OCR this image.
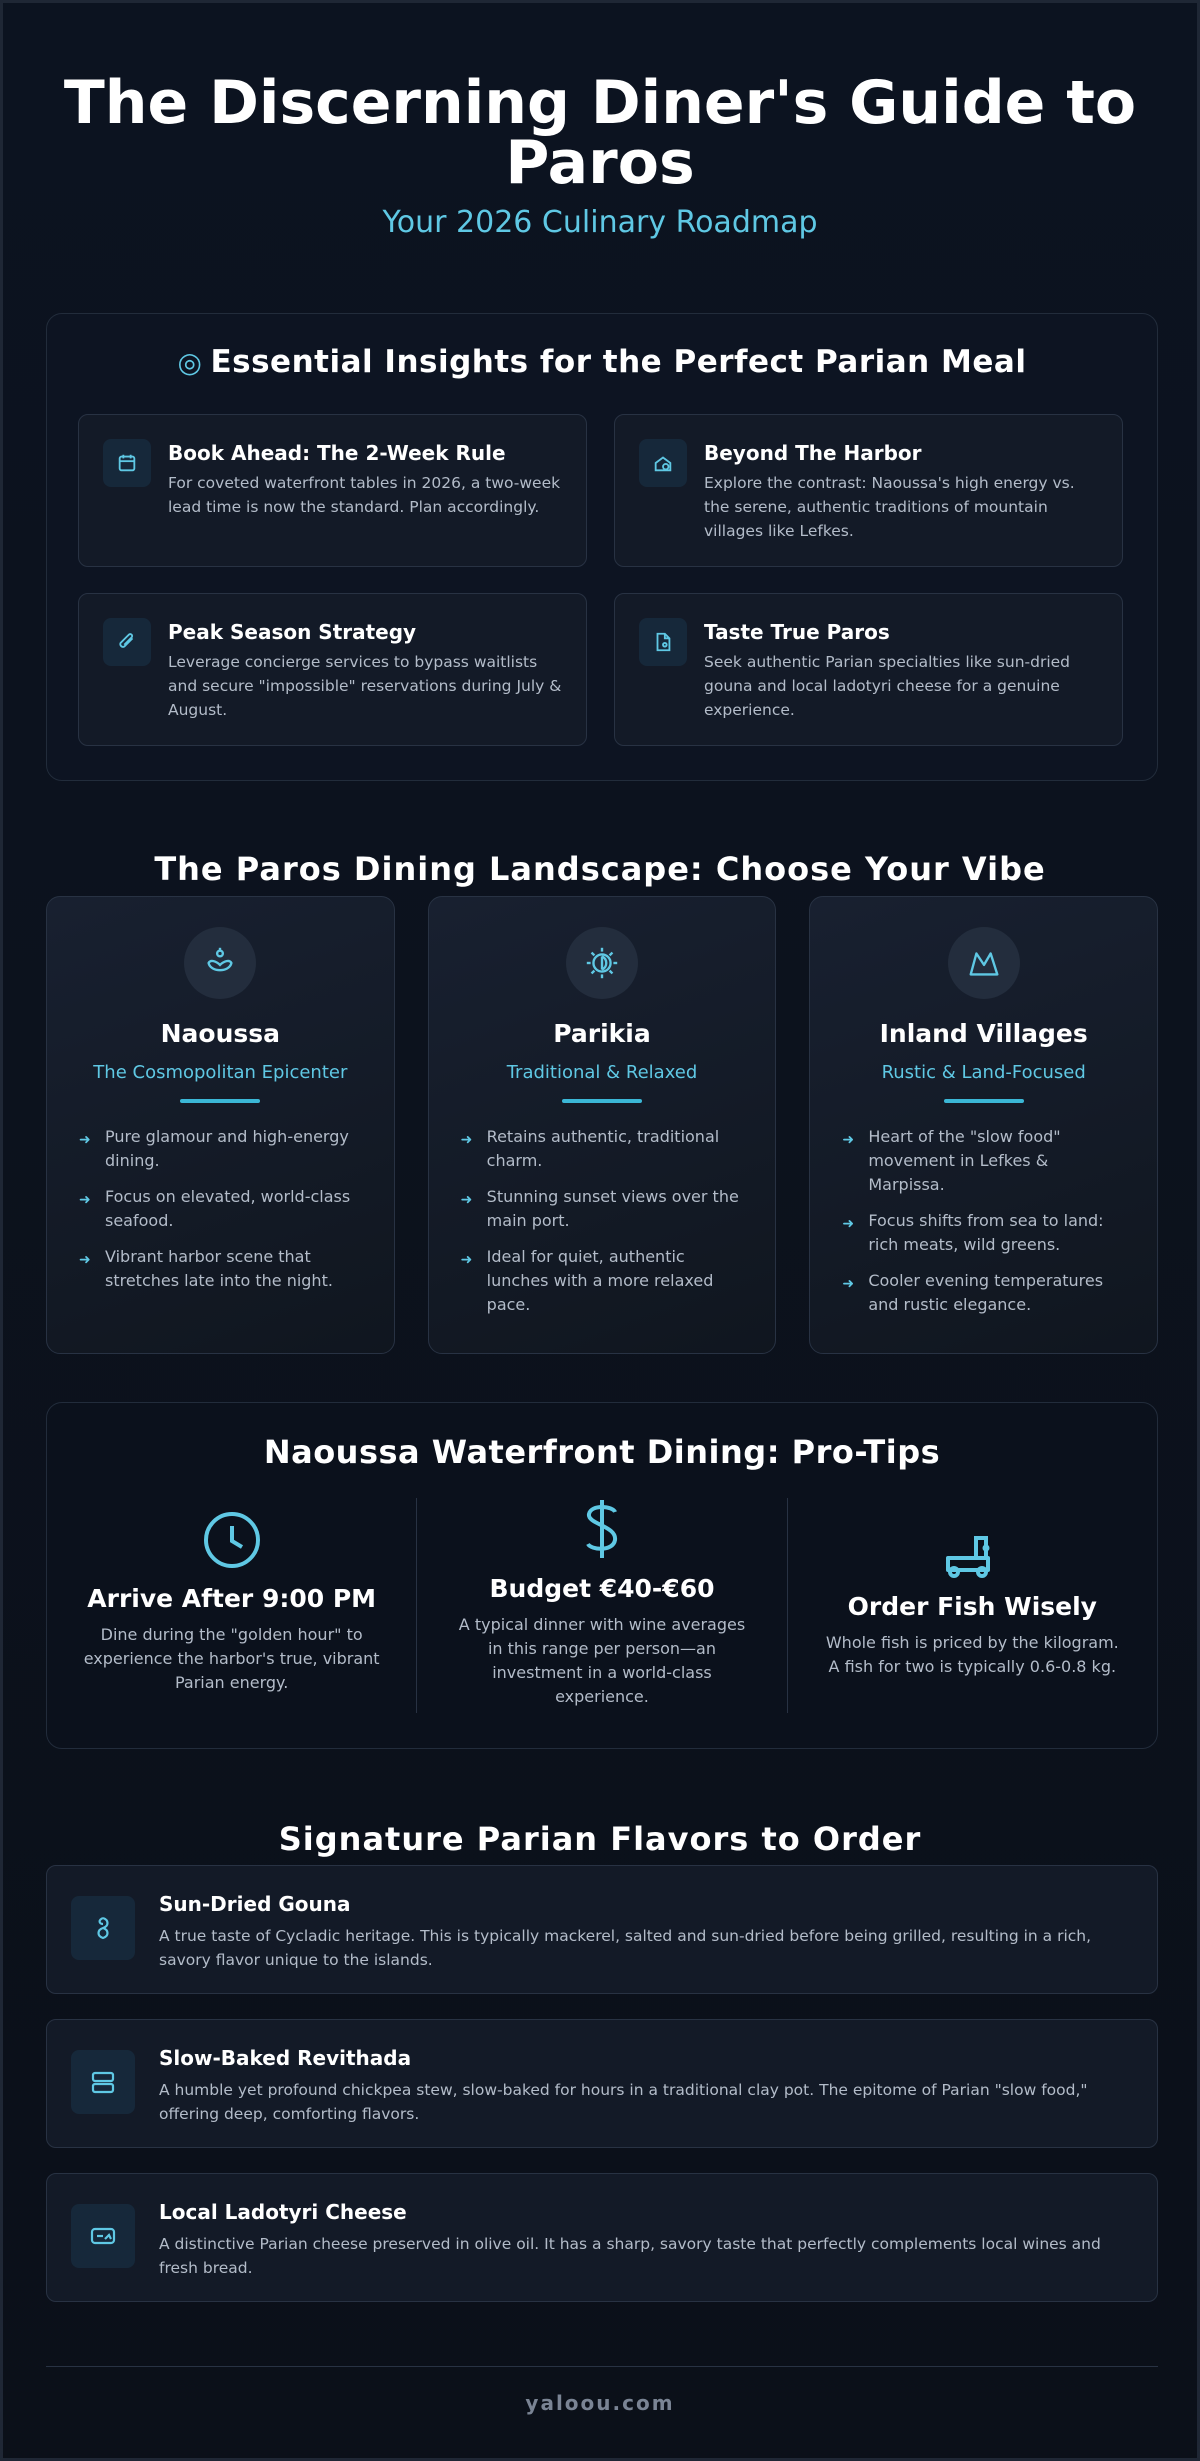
The Discerning Diner's Guide to Paros
Your 2026 Culinary Roadmap
◎ Essential Insights for the Perfect Parian Meal
Book Ahead: The 2-Week Rule

For coveted waterfront tables in 2026, a two-week lead time is now the standard. Plan accordingly.

Beyond The Harbor

Explore the contrast: Naoussa's high energy vs. the serene, authentic traditions of mountain villages like Lefkes.

Peak Season Strategy

Leverage concierge services to bypass waitlists and secure "impossible" reservations during July & August.

Taste True Paros

Seek authentic Parian specialties like sun-dried gouna and local ladotyri cheese for a genuine experience.

The Paros Dining Landscape: Choose Your Vibe
Naoussa
The Cosmopolitan Epicenter
➜ Pure glamour and high-energy dining.
➜ Focus on elevated, world-class seafood.
➜ Vibrant harbor scene that stretches late into the night.
Parikia
Traditional & Relaxed
➜ Retains authentic, traditional charm.
➜ Stunning sunset views over the main port.
➜ Ideal for quiet, authentic lunches with a more relaxed pace.
Inland Villages
Rustic & Land-Focused
➜ Heart of the "slow food" movement in Lefkes & Marpissa.
➜ Focus shifts from sea to land: rich meats, wild greens.
➜ Cooler evening temperatures and rustic elegance.
Naoussa Waterfront Dining: Pro-Tips
Arrive After 9:00 PM

Dine during the "golden hour" to experience the harbor's true, vibrant Parian energy.

Budget €40-€60

A typical dinner with wine averages in this range per person—an investment in a world-class experience.

Order Fish Wisely

Whole fish is priced by the kilogram. A fish for two is typically 0.6-0.8 kg.

Signature Parian Flavors to Order
Sun-Dried Gouna

A true taste of Cycladic heritage. This is typically mackerel, salted and sun-dried before being grilled, resulting in a rich, savory flavor unique to the islands.

Slow-Baked Revithada

A humble yet profound chickpea stew, slow-baked for hours in a traditional clay pot. The epitome of Parian "slow food," offering deep, comforting flavors.

Local Ladotyri Cheese

A distinctive Parian cheese preserved in olive oil. It has a sharp, savory taste that perfectly complements local wines and fresh bread.

yaloou.com
